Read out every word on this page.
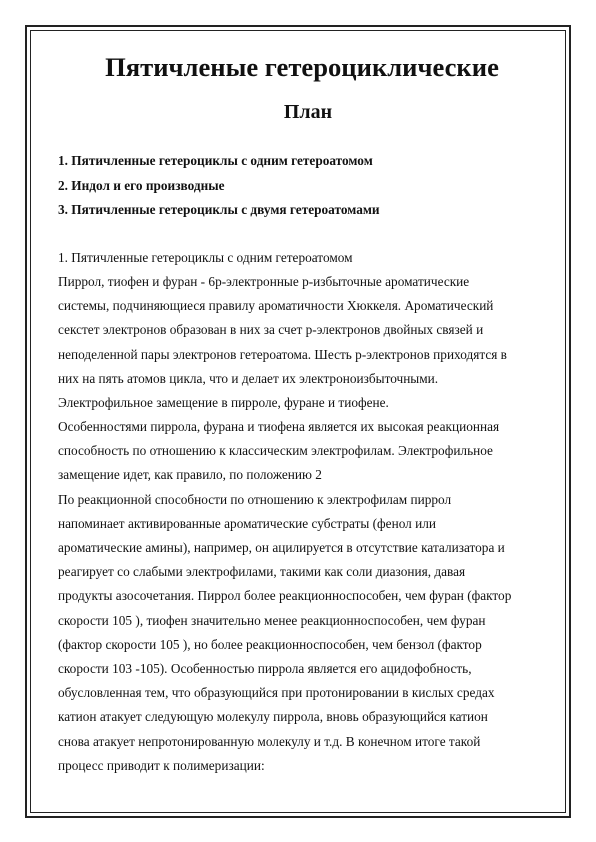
Пятичленые гетероциклические
План
1. Пятичленные гетероциклы с одним гетероатомом
2. Индол и его производные
3. Пятичленные гетероциклы с двумя гетероатомами
1. Пятичленные гетероциклы с одним гетероатомом
Пиррол, тиофен и фуран - 6р-электронные р-избыточные ароматические
системы, подчиняющиеся правилу ароматичности Хюккеля. Ароматический
секстет электронов образован в них за счет р-электронов двойных связей и
неподеленной пары электронов гетероатома. Шесть р-электронов приходятся в
них на пять атомов цикла, что и делает их электроноизбыточными.
Электрофильное замещение в пирроле, фуране и тиофене.
Особенностями пиррола, фурана и тиофена является их высокая реакционная
способность по отношению к классическим электрофилам. Электрофильное
замещение идет, как правило, по положению 2
По реакционной способности по отношению к электрофилам пиррол
напоминает активированные ароматические субстраты (фенол или
ароматические амины), например, он ацилируется в отсутствие катализатора и
реагирует со слабыми электрофилами, такими как соли диазония, давая
продукты азосочетания. Пиррол более реакционноспособен, чем фуран (фактор
скорости 105 ), тиофен значительно менее реакционноспособен, чем фуран
(фактор скорости 105 ), но более реакционноспособен, чем бензол (фактор
скорости 103 -105). Особенностью пиррола является его ацидофобность,
обусловленная тем, что образующийся при протонировании в кислых средах
катион атакует следующую молекулу пиррола, вновь образующийся катион
снова атакует непротонированную молекулу и т.д. В конечном итоге такой
процесс приводит к полимеризации:
